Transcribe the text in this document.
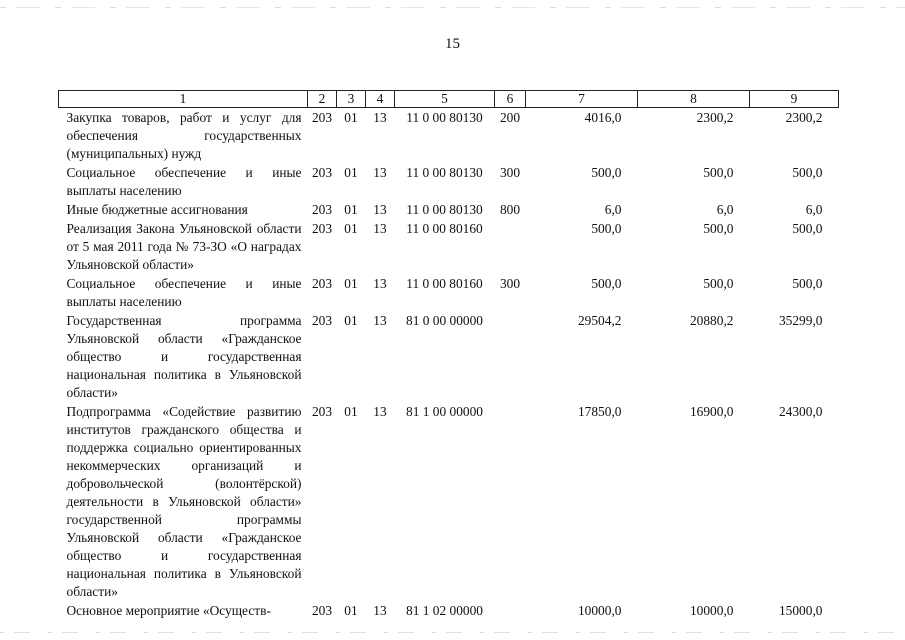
15
1	2	3	4	5	6	7	8	9
Закупка товаров, работ и услуг для обеспечения государственных (муниципальных) нужд	203	01	13	11 0 00 80130	200	4016,0	2300,2	2300,2
Социальное обеспечение и иные выплаты населению	203	01	13	11 0 00 80130	300	500,0	500,0	500,0
Иные бюджетные ассигнования	203	01	13	11 0 00 80130	800	6,0	6,0	6,0
Реализация Закона Ульяновской области от 5 мая 2011 года № 73-ЗО «О наградах Ульяновской области»	203	01	13	11 0 00 80160		500,0	500,0	500,0
Социальное обеспечение и иные выплаты населению	203	01	13	11 0 00 80160	300	500,0	500,0	500,0
Государственная программа Ульяновской области «Гражданское общество и государственная национальная политика в Ульяновской области»	203	01	13	81 0 00 00000		29504,2	20880,2	35299,0
Подпрограмма «Содействие развитию институтов гражданского общества и поддержка социально ориентированных некоммерческих организаций и добровольческой (волонтёрской) деятельности в Ульяновской области» государственной программы Ульяновской области «Гражданское общество и государственная национальная политика в Ульяновской области»	203	01	13	81 1 00 00000		17850,0	16900,0	24300,0
Основное мероприятие «Осуществ-	203	01	13	81 1 02 00000		10000,0	10000,0	15000,0
